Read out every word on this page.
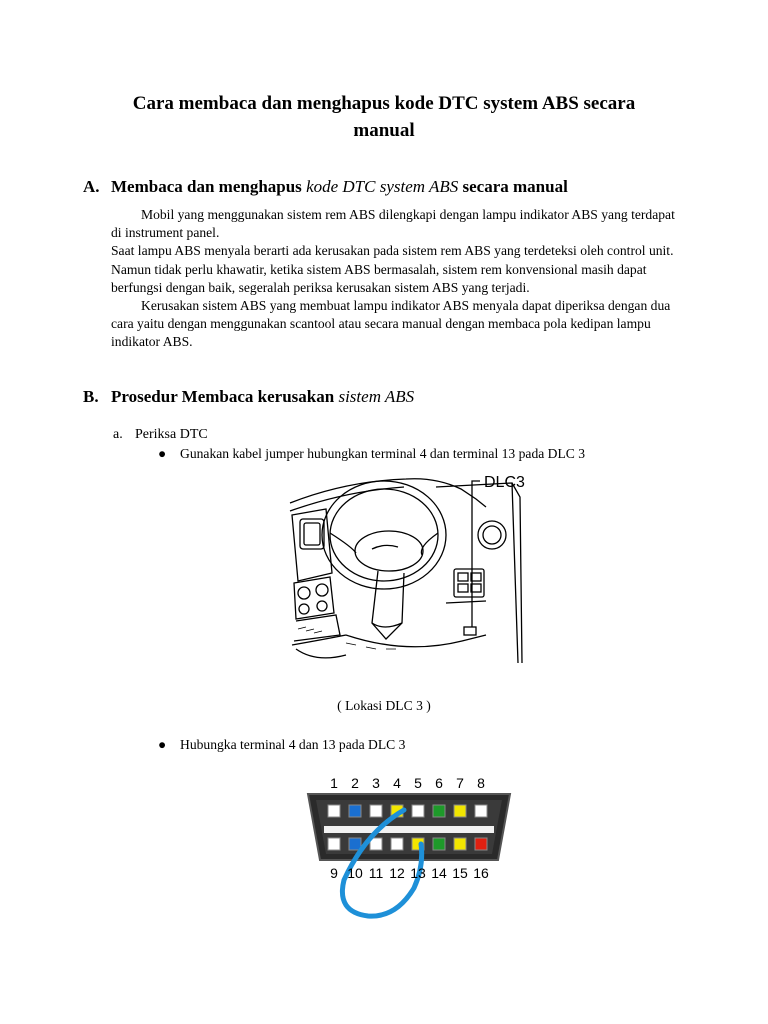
Cara membaca dan menghapus kode DTC system ABS secara manual
A. Membaca dan menghapus kode DTC system ABS secara manual

Mobil yang menggunakan sistem rem ABS dilengkapi dengan lampu indikator ABS yang terdapat di instrument panel.

Saat lampu ABS menyala berarti ada kerusakan pada sistem rem ABS yang terdeteksi oleh control unit. Namun tidak perlu khawatir, ketika sistem ABS bermasalah, sistem rem konvensional masih dapat berfungsi dengan baik, segeralah periksa kerusakan sistem ABS yang terjadi.

Kerusakan sistem ABS yang membuat lampu indikator ABS menyala dapat diperiksa dengan dua cara yaitu dengan menggunakan scantool atau secara manual dengan membaca pola kedipan lampu indikator ABS.

B. Prosedur Membaca kerusakan sistem ABS
a. Periksa DTC
● Gunakan kabel jumper hubungkan terminal 4 dan terminal 13 pada DLC 3
DLC3
( Lokasi DLC 3 )
● Hubungka terminal 4 dan 13 pada DLC 3
1 2 3 4 5 6 7 8
9 10 11 12 13 14 15 16
